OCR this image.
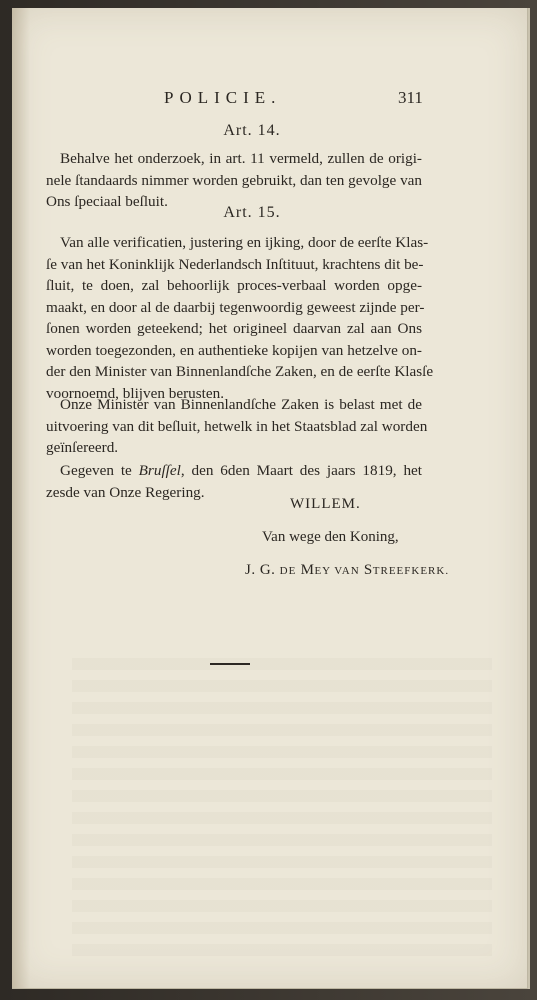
POLICIE.	311
Art. 14.
Behalve het onderzoek, in art. 11 vermeld, zullen de origi-
nele ſtandaards nimmer worden gebruikt, dan ten gevolge van
Ons ſpeciaal beſluit.
Art. 15.
Van alle verificatien, justering en ijking, door de eerſte Klas-
ſe van het Koninklijk Nederlandsch Inſtituut, krachtens dit be-
ſluit, te doen, zal behoorlijk proces-verbaal worden opge-
maakt, en door al de daarbij tegenwoordig geweest zijnde per-
ſonen worden geteekend; het origineel daarvan zal aan Ons
worden toegezonden, en authentieke kopijen van hetzelve on-
der den Minister van Binnenlandſche Zaken, en de eerſte Klasſe
voornoemd, blijven berusten.
Onze Minister van Binnenlandſche Zaken is belast met de
uitvoering van dit beſluit, hetwelk in het Staatsblad zal worden
geïnſereerd.
Gegeven te Bruſſel, den 6den Maart des jaars 1819, het
zesde van Onze Regering.
WILLEM.
Van wege den Koning,
J. G. DE MEY VAN STREEFKERK.
